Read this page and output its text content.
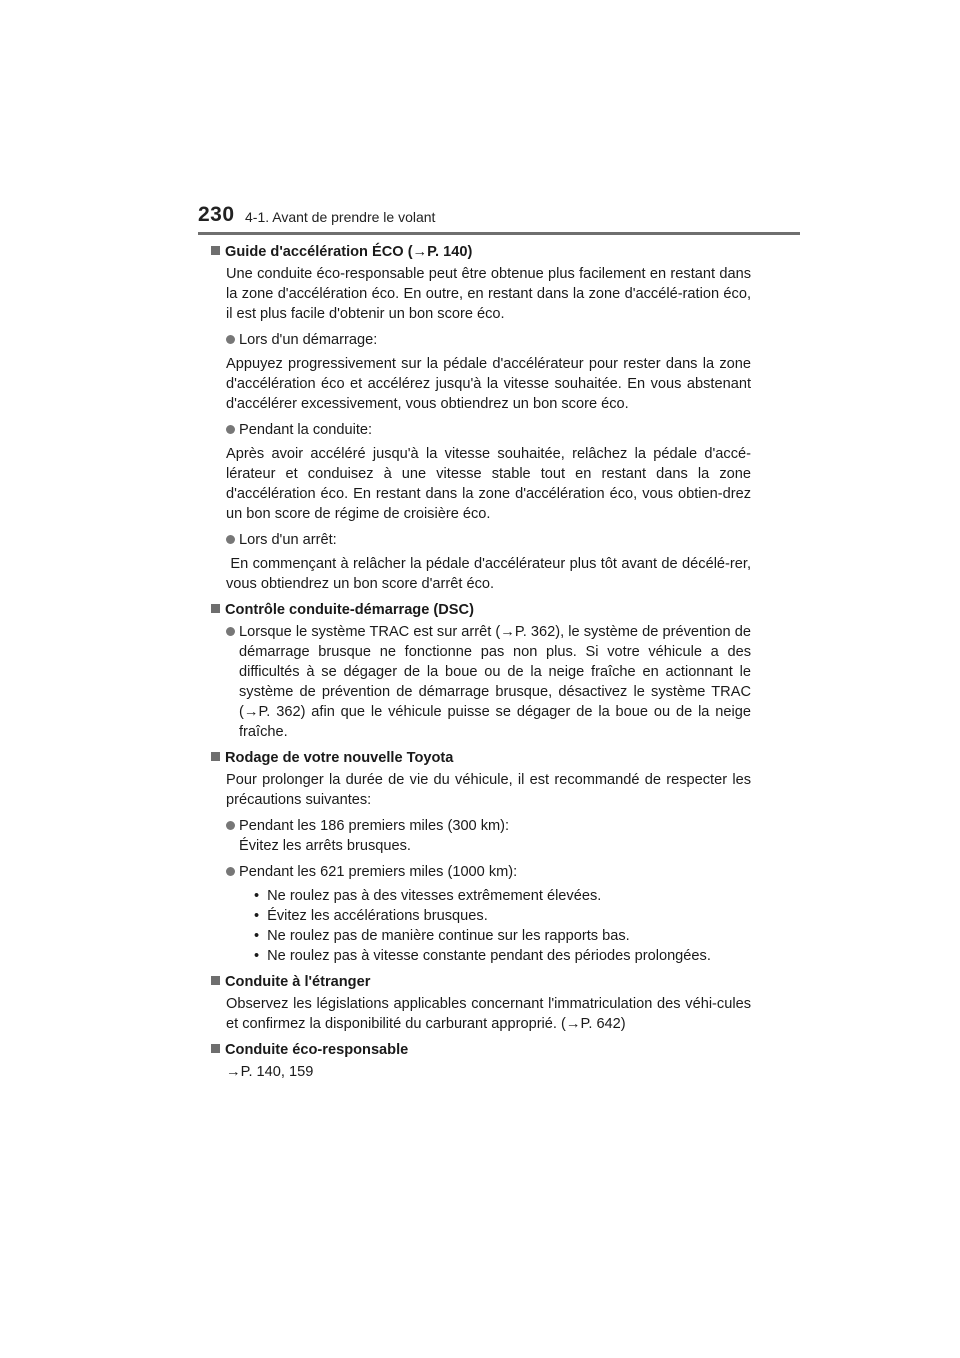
230 4-1. Avant de prendre le volant
Guide d'accélération ÉCO (→P. 140)
Une conduite éco-responsable peut être obtenue plus facilement en restant dans la zone d'accélération éco. En outre, en restant dans la zone d'accélé-ration éco, il est plus facile d'obtenir un bon score éco.
Lors d'un démarrage:
Appuyez progressivement sur la pédale d'accélérateur pour rester dans la zone d'accélération éco et accélérez jusqu'à la vitesse souhaitée. En vous abstenant d'accélérer excessivement, vous obtiendrez un bon score éco.
Pendant la conduite:
Après avoir accéléré jusqu'à la vitesse souhaitée, relâchez la pédale d'accé-lérateur et conduisez à une vitesse stable tout en restant dans la zone d'accélération éco. En restant dans la zone d'accélération éco, vous obtien-drez un bon score de régime de croisière éco.
Lors d'un arrêt:
En commençant à relâcher la pédale d'accélérateur plus tôt avant de décélé-rer, vous obtiendrez un bon score d'arrêt éco.
Contrôle conduite-démarrage (DSC)
Lorsque le système TRAC est sur arrêt (→P. 362), le système de prévention de démarrage brusque ne fonctionne pas non plus. Si votre véhicule a des difficultés à se dégager de la boue ou de la neige fraîche en actionnant le système de prévention de démarrage brusque, désactivez le système TRAC (→P. 362) afin que le véhicule puisse se dégager de la boue ou de la neige fraîche.
Rodage de votre nouvelle Toyota
Pour prolonger la durée de vie du véhicule, il est recommandé de respecter les précautions suivantes:
Pendant les 186 premiers miles (300 km):
Évitez les arrêts brusques.
Pendant les 621 premiers miles (1000 km):
• Ne roulez pas à des vitesses extrêmement élevées.
• Évitez les accélérations brusques.
• Ne roulez pas de manière continue sur les rapports bas.
• Ne roulez pas à vitesse constante pendant des périodes prolongées.
Conduite à l'étranger
Observez les législations applicables concernant l'immatriculation des véhi-cules et confirmez la disponibilité du carburant approprié. (→P. 642)
Conduite éco-responsable
→P. 140, 159
